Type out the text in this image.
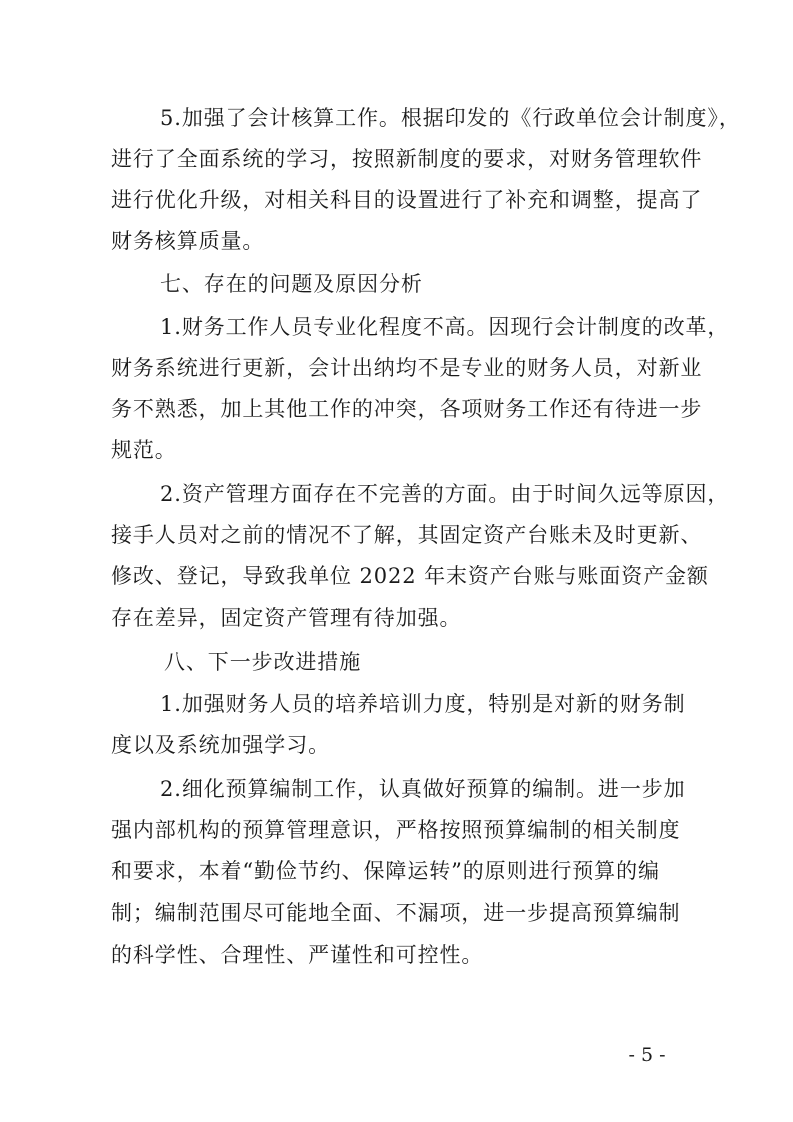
5.加强了会计核算工作。根据印发的《行政单位会计制度》，
进行了全面系统的学习，按照新制度的要求，对财务管理软件
进行优化升级，对相关科目的设置进行了补充和调整，提高了
财务核算质量。
七、存在的问题及原因分析
1.财务工作人员专业化程度不高。因现行会计制度的改革，
财务系统进行更新，会计出纳均不是专业的财务人员，对新业
务不熟悉，加上其他工作的冲突，各项财务工作还有待进一步
规范。
2.资产管理方面存在不完善的方面。由于时间久远等原因，
接手人员对之前的情况不了解，其固定资产台账未及时更新、
修改、登记，导致我单位 2022 年末资产台账与账面资产金额
存在差异，固定资产管理有待加强。
八、下一步改进措施
1.加强财务人员的培养培训力度，特别是对新的财务制
度以及系统加强学习。
2.细化预算编制工作，认真做好预算的编制。进一步加
强内部机构的预算管理意识，严格按照预算编制的相关制度
和要求，本着“勤俭节约、保障运转”的原则进行预算的编
制；编制范围尽可能地全面、不漏项，进一步提高预算编制
的科学性、合理性、严谨性和可控性。
- 5 -
